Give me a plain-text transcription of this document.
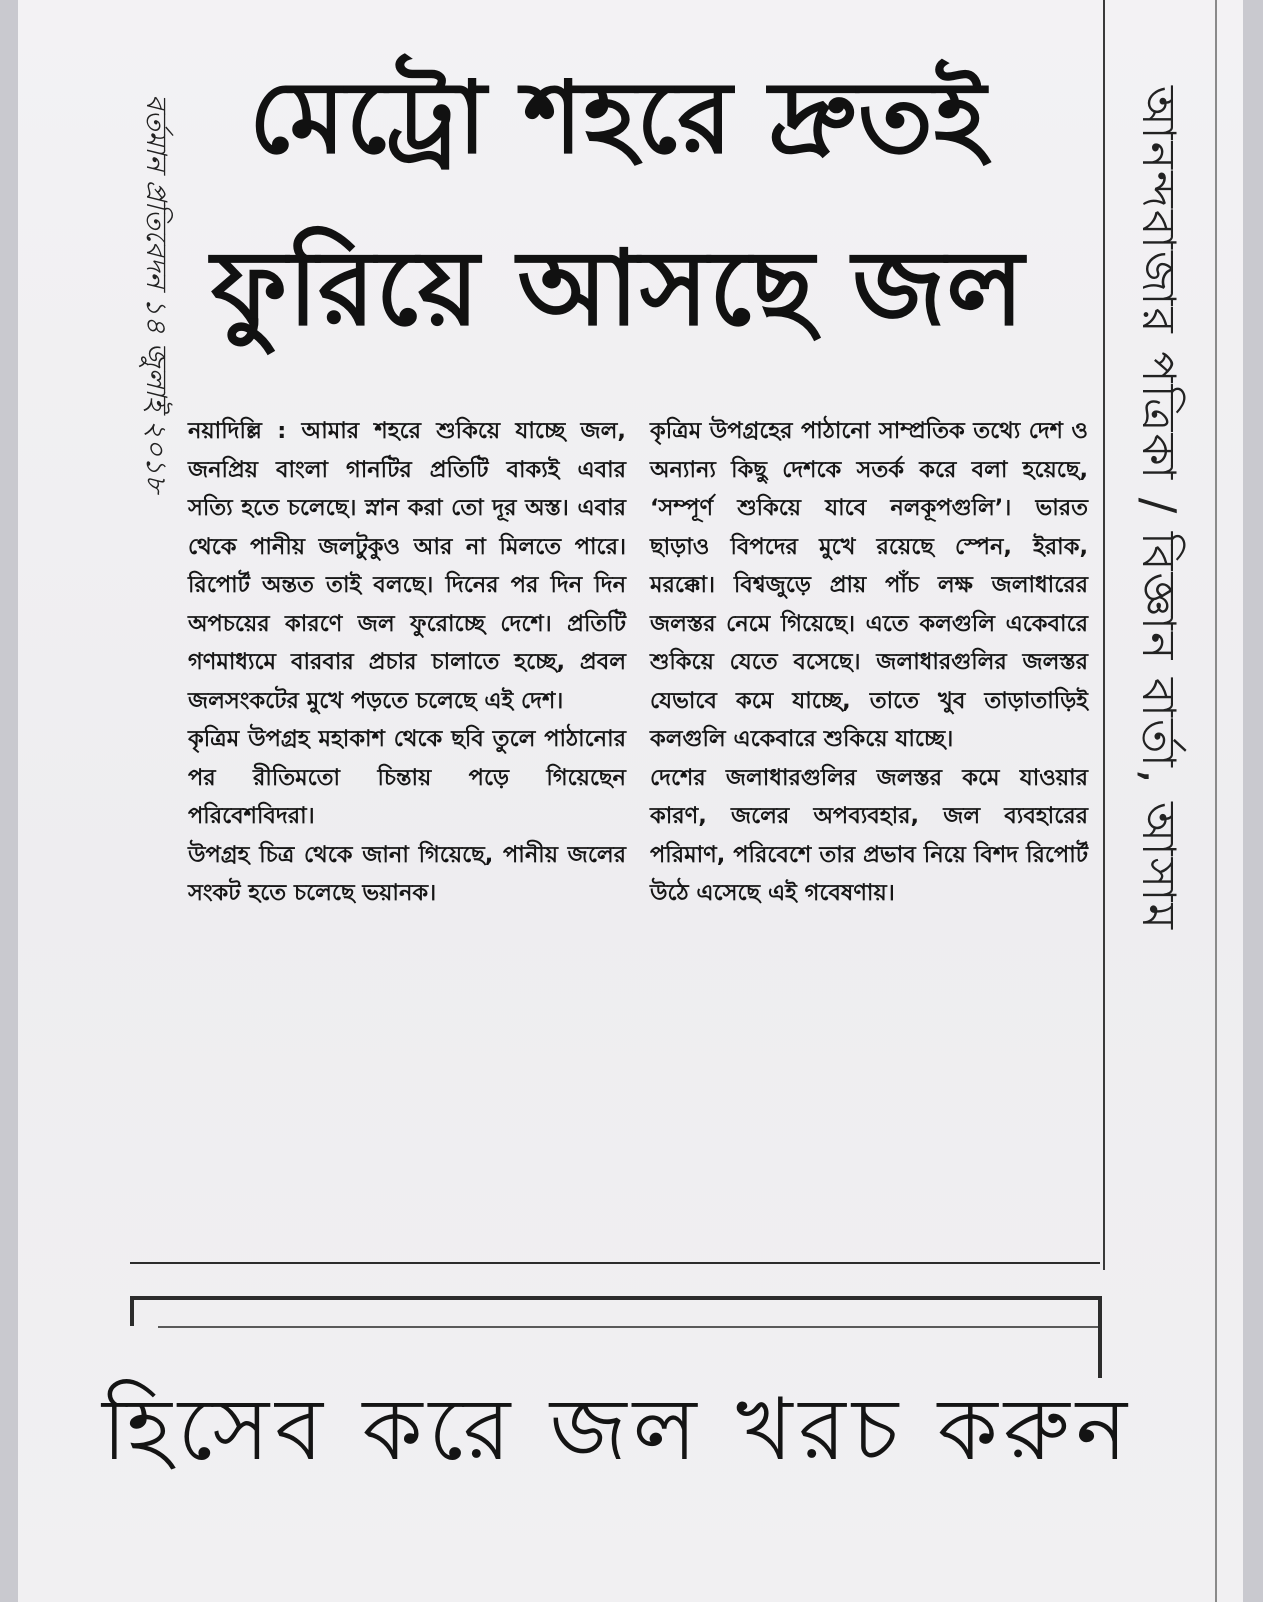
মেট্রো শহরে দ্রুতই
ফুরিয়ে আসছে জল
বর্তমান প্রতিবেদন ১৪ জুলাই ২০১৮	আনন্দবাজার পত্রিকা / বিজ্ঞান বার্তা, আসাম

নয়াদিল্লি : আমার শহরে শুকিয়ে যাচ্ছে জল, জনপ্রিয় বাংলা গানটির প্রতিটি বাক্যই এবার সত্যি হতে চলেছে। স্নান করা তো দূর অস্ত। এবার থেকে পানীয় জলটুকুও আর না মিলতে পারে। রিপোর্ট অন্তত তাই বলছে। দিনের পর দিন দিন অপচয়ের কারণে জল ফুরোচ্ছে দেশে। প্রতিটি গণমাধ্যমে বারবার প্রচার চালাতে হচ্ছে, প্রবল জলসংকটের মুখে পড়তে চলেছে এই দেশ।

কৃত্রিম উপগ্রহ মহাকাশ থেকে ছবি তুলে পাঠানোর পর রীতিমতো চিন্তায় পড়ে গিয়েছেন পরিবেশবিদরা।

উপগ্রহ চিত্র থেকে জানা গিয়েছে, পানীয় জলের সংকট হতে চলেছে ভয়ানক।

কৃত্রিম উপগ্রহের পাঠানো সাম্প্রতিক তথ্যে দেশ ও অন্যান্য কিছু দেশকে সতর্ক করে বলা হয়েছে, ‘সম্পূর্ণ শুকিয়ে যাবে নলকূপগুলি’। ভারত ছাড়াও বিপদের মুখে রয়েছে স্পেন, ইরাক, মরক্কো। বিশ্বজুড়ে প্রায় পাঁচ লক্ষ জলাধারের জলস্তর নেমে গিয়েছে। এতে কলগুলি একেবারে শুকিয়ে যেতে বসেছে। জলাধারগুলির জলস্তর যেভাবে কমে যাচ্ছে, তাতে খুব তাড়াতাড়িই কলগুলি একেবারে শুকিয়ে যাচ্ছে।

দেশের জলাধারগুলির জলস্তর কমে যাওয়ার কারণ, জলের অপব্যবহার, জল ব্যবহারের পরিমাণ, পরিবেশে তার প্রভাব নিয়ে বিশদ রিপোর্ট উঠে এসেছে এই গবেষণায়।

হিসেব করে জল খরচ করুন
